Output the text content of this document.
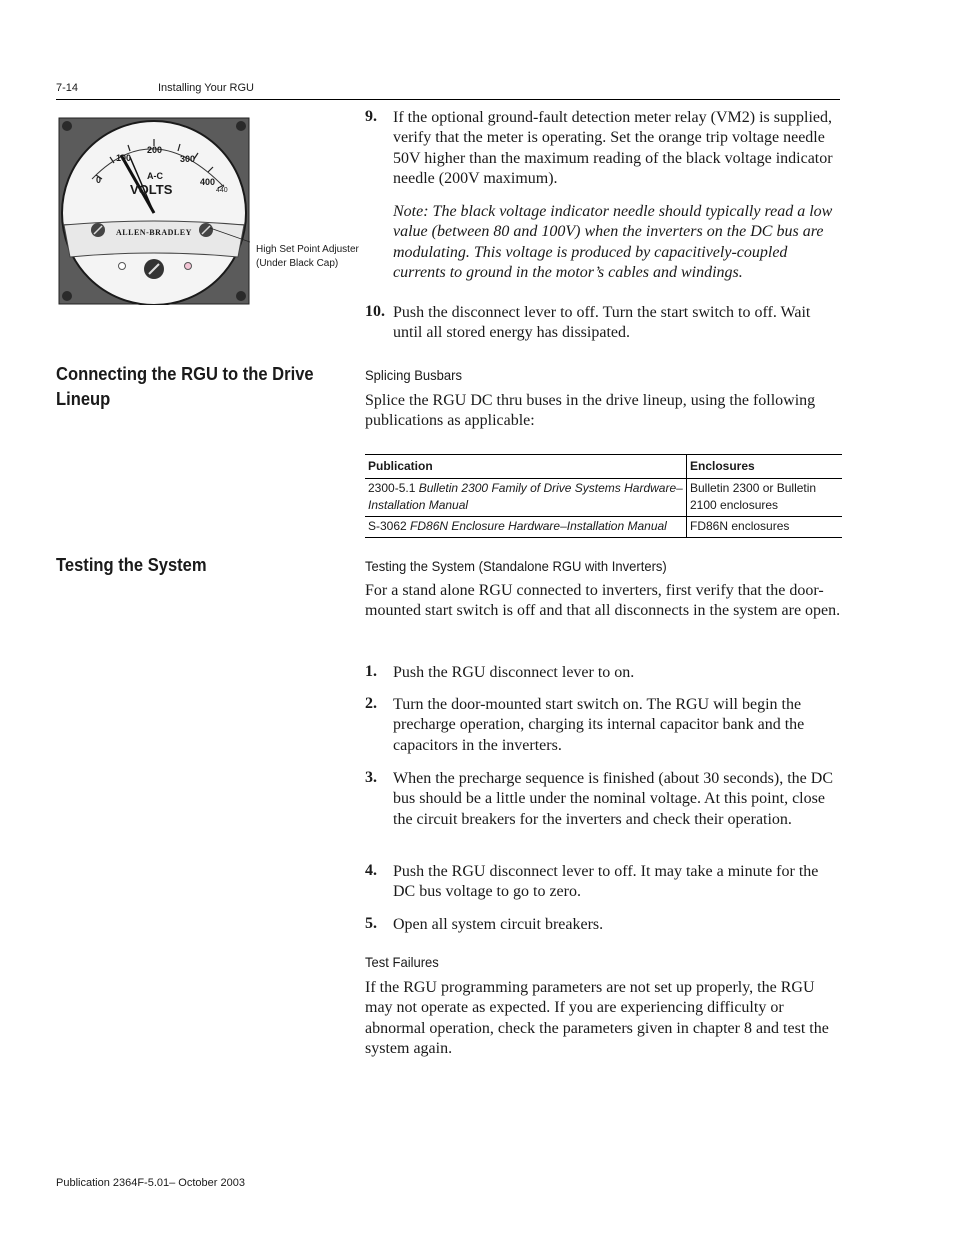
7-14	Installing Your RGU
0
100
200
300
400
440
A-C
VOLTS
ALLEN-BRADLEY
High Set Point Adjuster
(Under Black Cap)
9. If the optional ground-fault detection meter relay (VM2) is supplied, verify that the meter is operating. Set the orange trip voltage needle 50V higher than the maximum reading of the black voltage indicator needle (200V maximum).
Note: The black voltage indicator needle should typically read a low value (between 80 and 100V) when the inverters on the DC bus are modulating. This voltage is produced by capacitively-coupled currents to ground in the motor’s cables and windings.
10. Push the disconnect lever to off. Turn the start switch to off. Wait until all stored energy has dissipated.
Connecting the RGU to the Drive
Lineup
Splicing Busbars
Splice the RGU DC thru buses in the drive lineup, using the following publications as applicable:
Publication	Enclosures
2300-5.1 Bulletin 2300 Family of Drive Systems Hardware–Installation Manual	Bulletin 2300 or Bulletin 2100 enclosures
S-3062 FD86N Enclosure Hardware–Installation Manual	FD86N enclosures
Testing the System	Testing the System (Standalone RGU with Inverters)
For a stand alone RGU connected to inverters, first verify that the door-mounted start switch is off and that all disconnects in the system are open.
1. Push the RGU disconnect lever to on.
2. Turn the door-mounted start switch on. The RGU will begin the precharge operation, charging its internal capacitor bank and the capacitors in the inverters.
3. When the precharge sequence is finished (about 30 seconds), the DC bus should be a little under the nominal voltage. At this point, close the circuit breakers for the inverters and check their operation.
4. Push the RGU disconnect lever to off. It may take a minute for the DC bus voltage to go to zero.
5. Open all system circuit breakers.
Test Failures
If the RGU programming parameters are not set up properly, the RGU may not operate as expected. If you are experiencing difficulty or abnormal operation, check the parameters given in chapter 8 and test the system again.
Publication 2364F-5.01– October 2003
